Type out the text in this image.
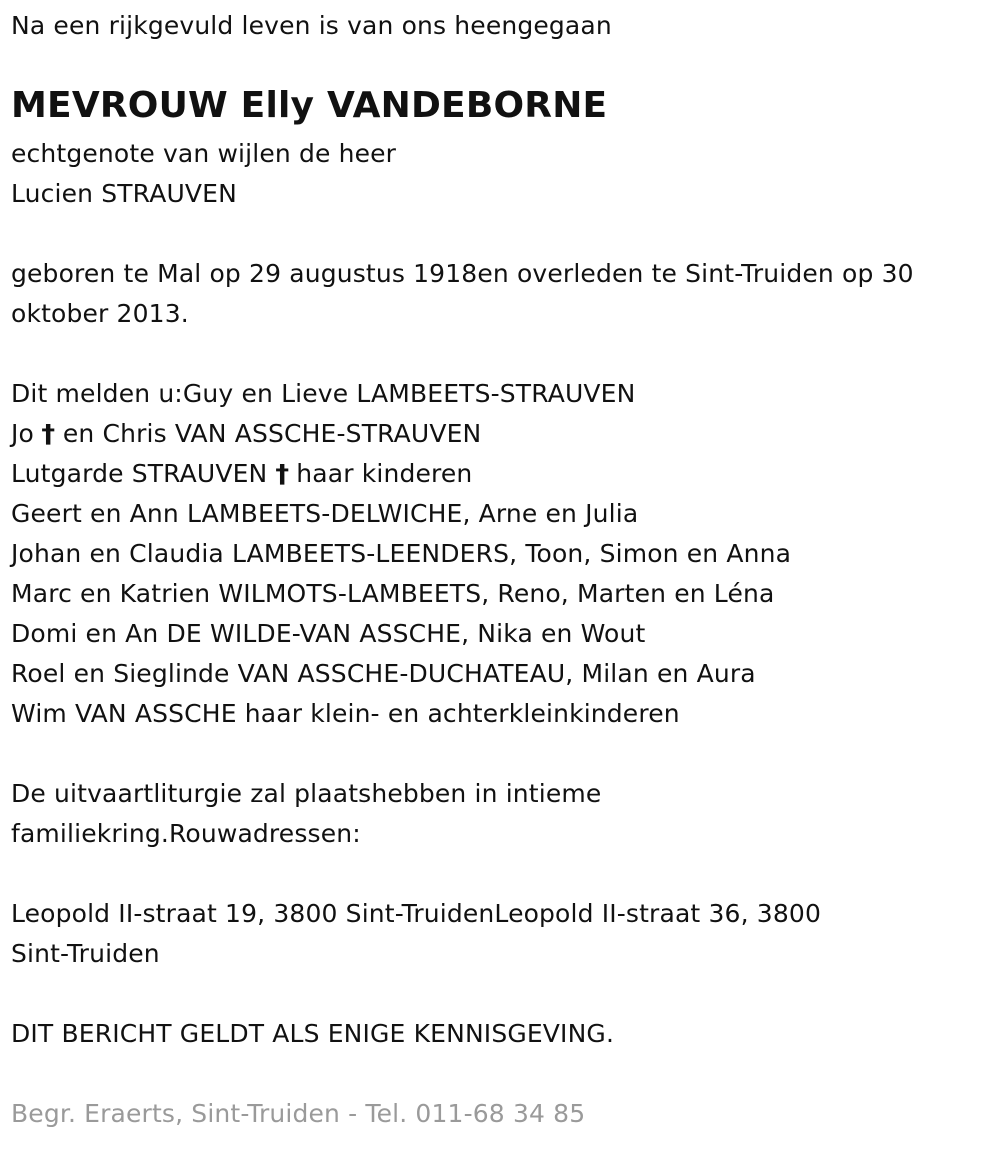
Na een rijkgevuld leven is van ons heengegaan
MEVROUW Elly VANDEBORNE
echtgenote van wijlen de heer
Lucien STRAUVEN
geboren te Mal op 29 augustus 1918en overleden te Sint-Truiden op 30
oktober 2013.
Dit melden u:Guy en Lieve LAMBEETS-STRAUVEN
Jo † en Chris VAN ASSCHE-STRAUVEN
Lutgarde STRAUVEN † haar kinderen
Geert en Ann LAMBEETS-DELWICHE, Arne en Julia
Johan en Claudia LAMBEETS-LEENDERS, Toon, Simon en Anna
Marc en Katrien WILMOTS-LAMBEETS, Reno, Marten en Léna
Domi en An DE WILDE-VAN ASSCHE, Nika en Wout
Roel en Sieglinde VAN ASSCHE-DUCHATEAU, Milan en Aura
Wim VAN ASSCHE haar klein- en achterkleinkinderen
De uitvaartliturgie zal plaatshebben in intieme
familiekring.Rouwadressen:
Leopold II-straat 19, 3800 Sint-TruidenLeopold II-straat 36, 3800
Sint-Truiden
DIT BERICHT GELDT ALS ENIGE KENNISGEVING.
Begr. Eraerts, Sint-Truiden - Tel. 011-68 34 85
